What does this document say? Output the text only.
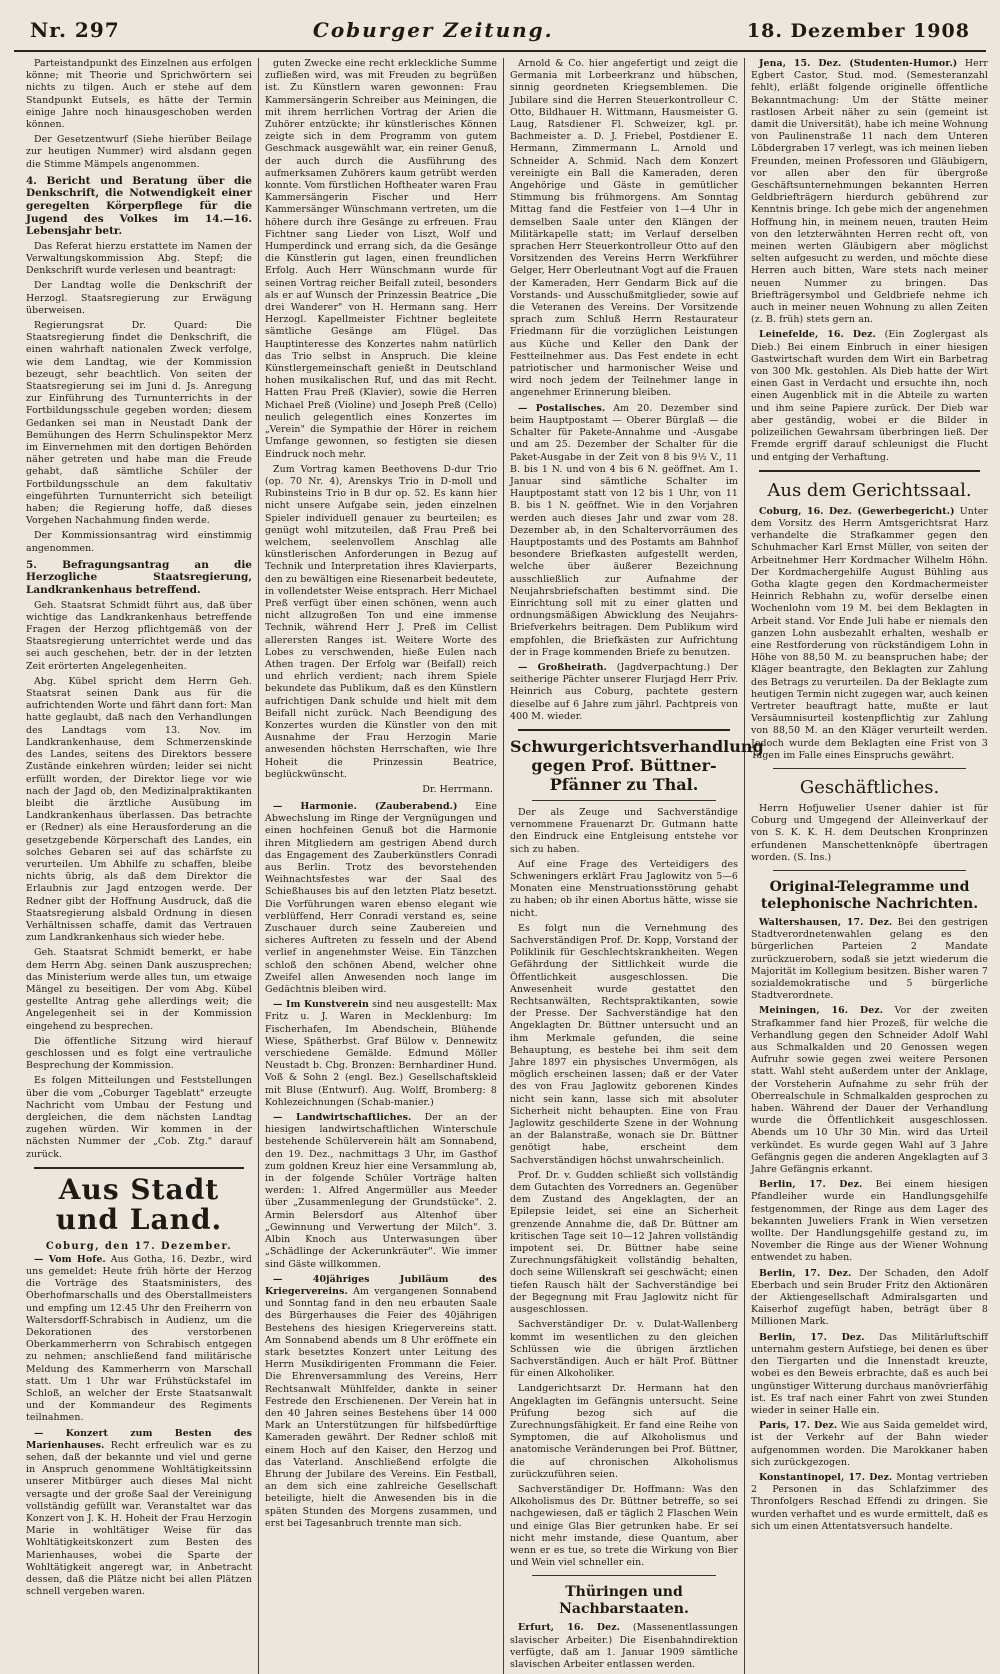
Nr. 297	Coburger Zeitung.	18. Dezember 1908

Parteistandpunkt des Einzelnen aus erfolgen könne; mit Theorie und Sprichwörtern sei nichts zu tilgen. Auch er stehe auf dem Standpunkt Eutsels, es hätte der Termin einige Jahre noch hinausgeschoben werden können.

Der Gesetzentwurf (Siehe hierüber Beilage zur heutigen Nummer) wird alsdann gegen die Stimme Mämpels angenommen.

4. Bericht und Beratung über die Denkschrift, die Notwendigkeit einer geregelten Körperpflege für die Jugend des Volkes im 14.—16. Lebensjahr betr.

Das Referat hierzu erstattete im Namen der Verwaltungskommission Abg. Stepf; die Denkschrift wurde verlesen und beantragt:

Der Landtag wolle die Denkschrift der Herzogl. Staatsregierung zur Erwägung überweisen.

Regierungsrat Dr. Quard: Die Staatsregierung findet die Denkschrift, die einen wahrhaft nationalen Zweck verfolge, wie dem Landtag, wie der Kommission bezeugt, sehr beachtlich. Von seiten der Staatsregierung sei im Juni d. Js. Anregung zur Einführung des Turnunterrichts in der Fortbildungsschule gegeben worden; diesem Gedanken sei man in Neustadt Dank der Bemühungen des Herrn Schulinspektor Merz im Einvernehmen mit den dortigen Behörden näher getreten und habe man die Freude gehabt, daß sämtliche Schüler der Fortbildungsschule an dem fakultativ eingeführten Turnunterricht sich beteiligt haben; die Regierung hoffe, daß dieses Vorgehen Nachahmung finden werde.

Der Kommissionsantrag wird einstimmig angenommen.

5. Befragungsantrag an die Herzogliche Staatsregierung, Landkrankenhaus betreffend.

Geh. Staatsrat Schmidt führt aus, daß über wichtige das Landkrankenhaus betreffende Fragen der Herzog pflichtgemäß von der Staatsregierung unterrichtet werde und das sei auch geschehen, betr. der in der letzten Zeit erörterten Angelegenheiten.

Abg. Kübel spricht dem Herrn Geh. Staatsrat seinen Dank aus für die aufrichtenden Worte und fährt dann fort: Man hatte geglaubt, daß nach den Verhandlungen des Landtags vom 13. Nov. im Landkrankenhause, dem Schmerzenskinde des Landes, seitens des Direktors bessere Zustände einkehren würden; leider sei nicht erfüllt worden, der Direktor liege vor wie nach der Jagd ob, den Medizinalpraktikanten bleibt die ärztliche Ausübung im Landkrankenhaus überlassen. Das betrachte er (Redner) als eine Herausforderung an die gesetzgebende Körperschaft des Landes, ein solches Gebaren sei auf das schärfste zu verurteilen. Um Abhilfe zu schaffen, bleibe nichts übrig, als daß dem Direktor die Erlaubnis zur Jagd entzogen werde. Der Redner gibt der Hoffnung Ausdruck, daß die Staatsregierung alsbald Ordnung in diesen Verhältnissen schaffe, damit das Vertrauen zum Landkrankenhaus sich wieder hebe.

Geh. Staatsrat Schmidt bemerkt, er habe dem Herrn Abg. seinen Dank auszusprechen; das Ministerium werde alles tun, um etwaige Mängel zu beseitigen. Der vom Abg. Kübel gestellte Antrag gehe allerdings weit; die Angelegenheit sei in der Kommission eingehend zu besprechen.

Die öffentliche Sitzung wird hierauf geschlossen und es folgt eine vertrauliche Besprechung der Kommission.

Es folgen Mitteilungen und Feststellungen über die vom „Coburger Tageblatt" erzeugte Nachricht vom Umbau der Festung und dergleichen, die dem nächsten Landtag zugehen würden. Wir kommen in der nächsten Nummer der „Cob. Ztg." darauf zurück.

Aus Stadt und Land.
Coburg, den 17. Dezember.

— Vom Hofe. Aus Gotha, 16. Dezbr., wird uns gemeldet: Heute früh hörte der Herzog die Vorträge des Staatsministers, des Oberhofmarschalls und des Oberstallmeisters und empfing um 12.45 Uhr den Freiherrn von Waltersdorff-Schrabisch in Audienz, um die Dekorationen des verstorbenen Oberkammerherrn von Schrabisch entgegen zu nehmen; anschließend fand militärische Meldung des Kammerherrn von Marschall statt. Um 1 Uhr war Frühstückstafel im Schloß, an welcher der Erste Staatsanwalt und der Kommandeur des Regiments teilnahmen.

— Konzert zum Besten des Marienhauses. Recht erfreulich war es zu sehen, daß der bekannte und viel und gerne in Anspruch genommene Wohltätigkeitssinn unserer Mitbürger auch dieses Mal nicht versagte und der große Saal der Vereinigung vollständig gefüllt war. Veranstaltet war das Konzert von J. K. H. Hoheit der Frau Herzogin Marie in wohltätiger Weise für das Wohltätigkeitskonzert zum Besten des Marienhauses, wobei die Sparte der Wohltätigkeit angeregt war, in Anbetracht dessen, daß die Plätze nicht bei allen Plätzen schnell vergeben waren.

guten Zwecke eine recht erkleckliche Summe zufließen wird, was mit Freuden zu begrüßen ist. Zu Künstlern waren gewonnen: Frau Kammersängerin Schreiber aus Meiningen, die mit ihrem herrlichen Vortrag der Arien die Zuhörer entzückte; ihr künstlerisches Können zeigte sich in dem Programm von gutem Geschmack ausgewählt war, ein reiner Genuß, der auch durch die Ausführung des aufmerksamen Zuhörers kaum getrübt werden konnte. Vom fürstlichen Hoftheater waren Frau Kammersängerin Fischer und Herr Kammersänger Wünschmann vertreten, um die höhere durch ihre Gesänge zu erfreuen. Frau Fichtner sang Lieder von Liszt, Wolf und Humperdinck und errang sich, da die Gesänge die Künstlerin gut lagen, einen freundlichen Erfolg. Auch Herr Wünschmann wurde für seinen Vortrag reicher Beifall zuteil, besonders als er auf Wunsch der Prinzessin Beatrice „Die drei Wanderer" von H. Hermann sang. Herr Herzogl. Kapellmeister Fichtner begleitete sämtliche Gesänge am Flügel. Das Hauptinteresse des Konzertes nahm natürlich das Trio selbst in Anspruch. Die kleine Künstlergemeinschaft genießt in Deutschland hohen musikalischen Ruf, und das mit Recht. Hatten Frau Preß (Klavier), sowie die Herren Michael Preß (Violine) und Joseph Preß (Cello) neulich gelegentlich eines Konzertes im „Verein" die Sympathie der Hörer in reichem Umfange gewonnen, so festigten sie diesen Eindruck noch mehr.

Zum Vortrag kamen Beethovens D-dur Trio (op. 70 Nr. 4), Arenskys Trio in D-moll und Rubinsteins Trio in B dur op. 52. Es kann hier nicht unsere Aufgabe sein, jeden einzelnen Spieler individuell genauer zu beurteilen; es genügt wohl mitzuteilen, daß Frau Preß bei welchem, seelenvollem Anschlag alle künstlerischen Anforderungen in Bezug auf Technik und Interpretation ihres Klavierparts, den zu bewältigen eine Riesenarbeit bedeutete, in vollendetster Weise entsprach. Herr Michael Preß verfügt über einen schönen, wenn auch nicht allzugroßen Ton und eine immense Technik, während Herr J. Preß im Cellist allerersten Ranges ist. Weitere Worte des Lobes zu verschwenden, hieße Eulen nach Athen tragen. Der Erfolg war (Beifall) reich und ehrlich verdient; nach ihrem Spiele bekundete das Publikum, daß es den Künstlern aufrichtigen Dank schulde und hielt mit dem Beifall nicht zurück. Nach Beendigung des Konzertes wurden die Künstler von den mit Ausnahme der Frau Herzogin Marie anwesenden höchsten Herrschaften, wie Ihre Hoheit die Prinzessin Beatrice, beglückwünscht.

Dr. Herrmann.

— Harmonie. (Zauberabend.) Eine Abwechslung im Ringe der Vergnügungen und einen hochfeinen Genuß bot die Harmonie ihren Mitgliedern am gestrigen Abend durch das Engagement des Zauberkünstlers Conradi aus Berlin. Trotz des bevorstehenden Weihnachtsfestes war der Saal des Schießhauses bis auf den letzten Platz besetzt. Die Vorführungen waren ebenso elegant wie verblüffend, Herr Conradi verstand es, seine Zuschauer durch seine Zaubereien und sicheres Auftreten zu fesseln und der Abend verlief in angenehmster Weise. Ein Tänzchen schloß den schönen Abend, welcher ohne Zweifel allen Anwesenden noch lange im Gedächtnis bleiben wird.

— Im Kunstverein sind neu ausgestellt: Max Fritz u. J. Waren in Mecklenburg: Im Fischerhafen, Im Abendschein, Blühende Wiese, Spätherbst. Graf Bülow v. Dennewitz verschiedene Gemälde. Edmund Möller Neustadt b. Cbg. Bronzen: Bernhardiner Hund. Voß & Sohn 2 (engl. Bez.) Gesellschaftskleid mit Bluse (Entwurf). Aug. Wolff, Bromberg: 8 Kohlezeichnungen (Schab-manier.)

— Landwirtschaftliches. Der an der hiesigen landwirtschaftlichen Winterschule bestehende Schülerverein hält am Sonnabend, den 19. Dez., nachmittags 3 Uhr, im Gasthof zum goldnen Kreuz hier eine Versammlung ab, in der folgende Schüler Vorträge halten werden: 1. Alfred Angermüller aus Meeder über „Zusammenlegung der Grundstücke". 2. Armin Belersdorf aus Altenhof über „Gewinnung und Verwertung der Milch". 3. Albin Knoch aus Unterwasungen über „Schädlinge der Ackerunkräuter". Wie immer sind Gäste willkommen.

— 40jähriges Jubiläum des Kriegervereins. Am vergangenen Sonnabend und Sonntag fand in den neu erbauten Saale des Bürgerhauses die Feier des 40jährigen Bestehens des hiesigen Kriegervereins statt. Am Sonnabend abends um 8 Uhr eröffnete ein stark besetztes Konzert unter Leitung des Herrn Musikdirigenten Frommann die Feier. Die Ehrenversammlung des Vereins, Herr Rechtsanwalt Mühlfelder, dankte in seiner Festrede den Erschienenen. Der Verein hat in den 40 Jahren seines Bestehens über 14 000 Mark an Unterstützungen für hilfsbedürftige Kameraden gewährt. Der Redner schloß mit einem Hoch auf den Kaiser, den Herzog und das Vaterland. Anschließend erfolgte die Ehrung der Jubilare des Vereins. Ein Festball, an dem sich eine zahlreiche Gesellschaft beteiligte, hielt die Anwesenden bis in die späten Stunden des Morgens zusammen, und erst bei Tagesanbruch trennte man sich.

Arnold & Co. hier angefertigt und zeigt die Germania mit Lorbeerkranz und hübschen, sinnig geordneten Kriegsemblemen. Die Jubilare sind die Herren Steuerkontrolleur C. Otto, Bildhauer H. Wittmann, Hausmeister G. Laug, Ratsdiener Fl. Schweizer, kgl. pr. Bachmeister a. D. J. Friebel, Postdiener E. Hermann, Zimmermann L. Arnold und Schneider A. Schmid. Nach dem Konzert vereinigte ein Ball die Kameraden, deren Angehörige und Gäste in gemütlicher Stimmung bis frühmorgens. Am Sonntag Mittag fand die Festfeier von 1—4 Uhr in demselben Saale unter den Klängen der Militärkapelle statt; im Verlauf derselben sprachen Herr Steuerkontrolleur Otto auf den Vorsitzenden des Vereins Herrn Werkführer Gelger, Herr Oberleutnant Vogt auf die Frauen der Kameraden, Herr Gendarm Bick auf die Vorstands- und Ausschußmitglieder, sowie auf die Veteranen des Vereins. Der Vorsitzende sprach zum Schluß Herrn Restaurateur Friedmann für die vorzüglichen Leistungen aus Küche und Keller den Dank der Festteilnehmer aus. Das Fest endete in echt patriotischer und harmonischer Weise und wird noch jedem der Teilnehmer lange in angenehmer Erinnerung bleiben.

— Postalisches. Am 20. Dezember sind beim Hauptpostamt — Oberer Bürglaß — die Schalter für Pakete-Annahme und -Ausgabe und am 25. Dezember der Schalter für die Paket-Ausgabe in der Zeit von 8 bis 9½ V., 11 B. bis 1 N. und von 4 bis 6 N. geöffnet. Am 1. Januar sind sämtliche Schalter im Hauptpostamt statt von 12 bis 1 Uhr, von 11 B. bis 1 N. geöffnet. Wie in den Vorjahren werden auch dieses Jahr und zwar vom 28. Dezember ab, in den Schaltervorräumen des Hauptpostamts und des Postamts am Bahnhof besondere Briefkasten aufgestellt werden, welche über äußerer Bezeichnung ausschließlich zur Aufnahme der Neujahrsbriefschaften bestimmt sind. Die Einrichtung soll mit zu einer glatten und ordnungsmäßigen Abwicklung des Neujahrs-Briefverkehrs beitragen. Dem Publikum wird empfohlen, die Briefkästen zur Aufrichtung der in Frage kommenden Briefe zu benutzen.

— Großheirath. (Jagdverpachtung.) Der seitherige Pächter unserer Flurjagd Herr Priv. Heinrich aus Coburg, pachtete gestern dieselbe auf 6 Jahre zum jährl. Pachtpreis von 400 M. wieder.

Schwurgerichtsverhandlung gegen Prof. Büttner-Pfänner zu Thal.

Der als Zeuge und Sachverständige vernommene Frauenarzt Dr. Gutmann hatte den Eindruck eine Entgleisung entstehe vor sich zu haben.

Auf eine Frage des Verteidigers des Schweningers erklärt Frau Jaglowitz von 5—6 Monaten eine Menstruationsstörung gehabt zu haben; ob ihr einen Abortus hätte, wisse sie nicht.

Es folgt nun die Vernehmung des Sachverständigen Prof. Dr. Kopp, Vorstand der Poliklinik für Geschlechtskrankheiten. Wegen Gefährdung der Sittlichkeit wurde die Öffentlichkeit ausgeschlossen. Die Anwesenheit wurde gestattet den Rechtsanwälten, Rechtspraktikanten, sowie der Presse. Der Sachverständige hat den Angeklagten Dr. Büttner untersucht und an ihm Merkmale gefunden, die seine Behauptung, es bestehe bei ihm seit dem Jahre 1897 ein physisches Unvermögen, als möglich erscheinen lassen; daß er der Vater des von Frau Jaglowitz geborenen Kindes nicht sein kann, lasse sich mit absoluter Sicherheit nicht behaupten. Eine von Frau Jaglowitz geschilderte Szene in der Wohnung an der Balanstraße, wonach sie Dr. Büttner genötigt habe, erscheint dem Sachverständigen höchst unwahrscheinlich.

Prof. Dr. v. Gudden schließt sich vollständig dem Gutachten des Vorredners an. Gegenüber dem Zustand des Angeklagten, der an Epilepsie leidet, sei eine an Sicherheit grenzende Annahme die, daß Dr. Büttner am kritischen Tage seit 10—12 Jahren vollständig impotent sei. Dr. Büttner habe seine Zurechnungsfähigkeit vollständig behalten, doch seine Willenskraft sei geschwächt; einen tiefen Rausch hält der Sachverständige bei der Begegnung mit Frau Jaglowitz nicht für ausgeschlossen.

Sachverständiger Dr. v. Dulat-Wallenberg kommt im wesentlichen zu den gleichen Schlüssen wie die übrigen ärztlichen Sachverständigen. Auch er hält Prof. Büttner für einen Alkoholiker.

Landgerichtsarzt Dr. Hermann hat den Angeklagten im Gefängnis untersucht. Seine Prüfung bezog sich auf die Zurechnungsfähigkeit. Er fand eine Reihe von Symptomen, die auf Alkoholismus und anatomische Veränderungen bei Prof. Büttner, die auf chronischen Alkoholismus zurückzuführen seien.

Sachverständiger Dr. Hoffmann: Was den Alkoholismus des Dr. Büttner betreffe, so sei nachgewiesen, daß er täglich 2 Flaschen Wein und einige Glas Bier getrunken habe. Er sei nicht mehr imstande, diese Quantum, aber wenn er es tue, so trete die Wirkung von Bier und Wein viel schneller ein.

Thüringen und Nachbarstaaten.

Erfurt, 16. Dez. (Massenentlassungen slavischer Arbeiter.) Die Eisenbahndirektion verfügte, daß am 1. Januar 1909 sämtliche slavischen Arbeiter entlassen werden.

Jena, 15. Dez. (Studenten-Humor.) Herr Egbert Castor, Stud. mod. (Semesteranzahl fehlt), erläßt folgende originelle öffentliche Bekanntmachung: Um der Stätte meiner rastlosen Arbeit näher zu sein (gemeint ist damit die Universität), habe ich meine Wohnung von Paulinenstraße 11 nach dem Unteren Löbdergraben 17 verlegt, was ich meinen lieben Freunden, meinen Professoren und Gläubigern, vor allen aber den für übergroße Geschäftsunternehmungen bekannten Herren Geldbriefträgern hierdurch gebührend zur Kenntnis bringe. Ich gebe mich der angenehmen Hoffnung hin, in meinem neuen, trauten Heim von den letzterwähnten Herren recht oft, von meinen werten Gläubigern aber möglichst selten aufgesucht zu werden, und möchte diese Herren auch bitten, Ware stets nach meiner neuen Nummer zu bringen. Das Briefträgersymbol und Geldbriefe nehme ich auch in meiner neuen Wohnung zu allen Zeiten (z. B. früh) stets gern an.

Leinefelde, 16. Dez. (Ein Zoglergast als Dieb.) Bei einem Einbruch in einer hiesigen Gastwirtschaft wurden dem Wirt ein Barbetrag von 300 Mk. gestohlen. Als Dieb hatte der Wirt einen Gast in Verdacht und ersuchte ihn, noch einen Augenblick mit in die Abteile zu warten und ihm seine Papiere zurück. Der Dieb war aber geständig, wobei er die Bilder in polizeilichen Gewahrsam überbringen ließ. Der Fremde ergriff darauf schleunigst die Flucht und entging der Verhaftung.

Aus dem Gerichtssaal.

Coburg, 16. Dez. (Gewerbegericht.) Unter dem Vorsitz des Herrn Amtsgerichtsrat Harz verhandelte die Strafkammer gegen den Schuhmacher Karl Ernst Müller, von seiten der Arbeitnehmer Herr Kordmacher Wilhelm Höhn. Der Kordmachergehilfe August Bühling aus Gotha klagte gegen den Kordmachermeister Heinrich Rebhahn zu, wofür derselbe einen Wochenlohn vom 19 M. bei dem Beklagten in Arbeit stand. Vor Ende Juli habe er niemals den ganzen Lohn ausbezahlt erhalten, weshalb er eine Restforderung von rückständigem Lohn in Höhe von 88,50 M. zu beanspruchen habe; der Kläger beantragte, den Beklagten zur Zahlung des Betrags zu verurteilen. Da der Beklagte zum heutigen Termin nicht zugegen war, auch keinen Vertreter beauftragt hatte, mußte er laut Versäumnisurteil kostenpflichtig zur Zahlung von 88,50 M. an den Kläger verurteilt werden. Jedoch wurde dem Beklagten eine Frist von 3 Tagen im Falle eines Einspruchs gewährt.

Geschäftliches.

Herrn Hofjuwelier Usener dahier ist für Coburg und Umgegend der Alleinverkauf der von S. K. K. H. dem Deutschen Kronprinzen erfundenen Manschettenknöpfe übertragen worden. (S. Ins.)

Original-Telegramme und telephonische Nachrichten.

Waltershausen, 17. Dez. Bei den gestrigen Stadtverordnetenwahlen gelang es den bürgerlichen Parteien 2 Mandate zurückzuerobern, sodaß sie jetzt wiederum die Majorität im Kollegium besitzen. Bisher waren 7 sozialdemokratische und 5 bürgerliche Stadtverordnete.

Meiningen, 16. Dez. Vor der zweiten Strafkammer fand hier Prozeß, für welche die Verhandlung gegen den Schneider Adolf Wahl aus Schmalkalden und 20 Genossen wegen Aufruhr sowie gegen zwei weitere Personen statt. Wahl steht außerdem unter der Anklage, der Vorsteherin Aufnahme zu sehr früh der Oberrealschule in Schmalkalden gesprochen zu haben. Während der Dauer der Verhandlung wurde die Öffentlichkeit ausgeschlossen. Abends um 10 Uhr 30 Min. wird das Urteil verkündet. Es wurde gegen Wahl auf 3 Jahre Gefängnis gegen die anderen Angeklagten auf 3 Jahre Gefängnis erkannt.

Berlin, 17. Dez. Bei einem hiesigen Pfandleiher wurde ein Handlungsgehilfe festgenommen, der Ringe aus dem Lager des bekannten Juweliers Frank in Wien versetzen wollte. Der Handlungsgehilfe gestand zu, im November die Ringe aus der Wiener Wohnung entwendet zu haben.

Berlin, 17. Dez. Der Schaden, den Adolf Eberbach und sein Bruder Fritz den Aktionären der Aktiengesellschaft Admiralsgarten und Kaiserhof zugefügt haben, beträgt über 8 Millionen Mark.

Berlin, 17. Dez. Das Militärluftschiff unternahm gestern Aufstiege, bei denen es über den Tiergarten und die Innenstadt kreuzte, wobei es den Beweis erbrachte, daß es auch bei ungünstiger Witterung durchaus manövrierfähig ist. Es traf nach einer Fahrt von zwei Stunden wieder in seiner Halle ein.

Paris, 17. Dez. Wie aus Saida gemeldet wird, ist der Verkehr auf der Bahn wieder aufgenommen worden. Die Marokkaner haben sich zurückgezogen.

Konstantinopel, 17. Dez. Montag vertrieben 2 Personen in das Schlafzimmer des Thronfolgers Reschad Effendi zu dringen. Sie wurden verhaftet und es wurde ermittelt, daß es sich um einen Attentatsversuch handelte.
